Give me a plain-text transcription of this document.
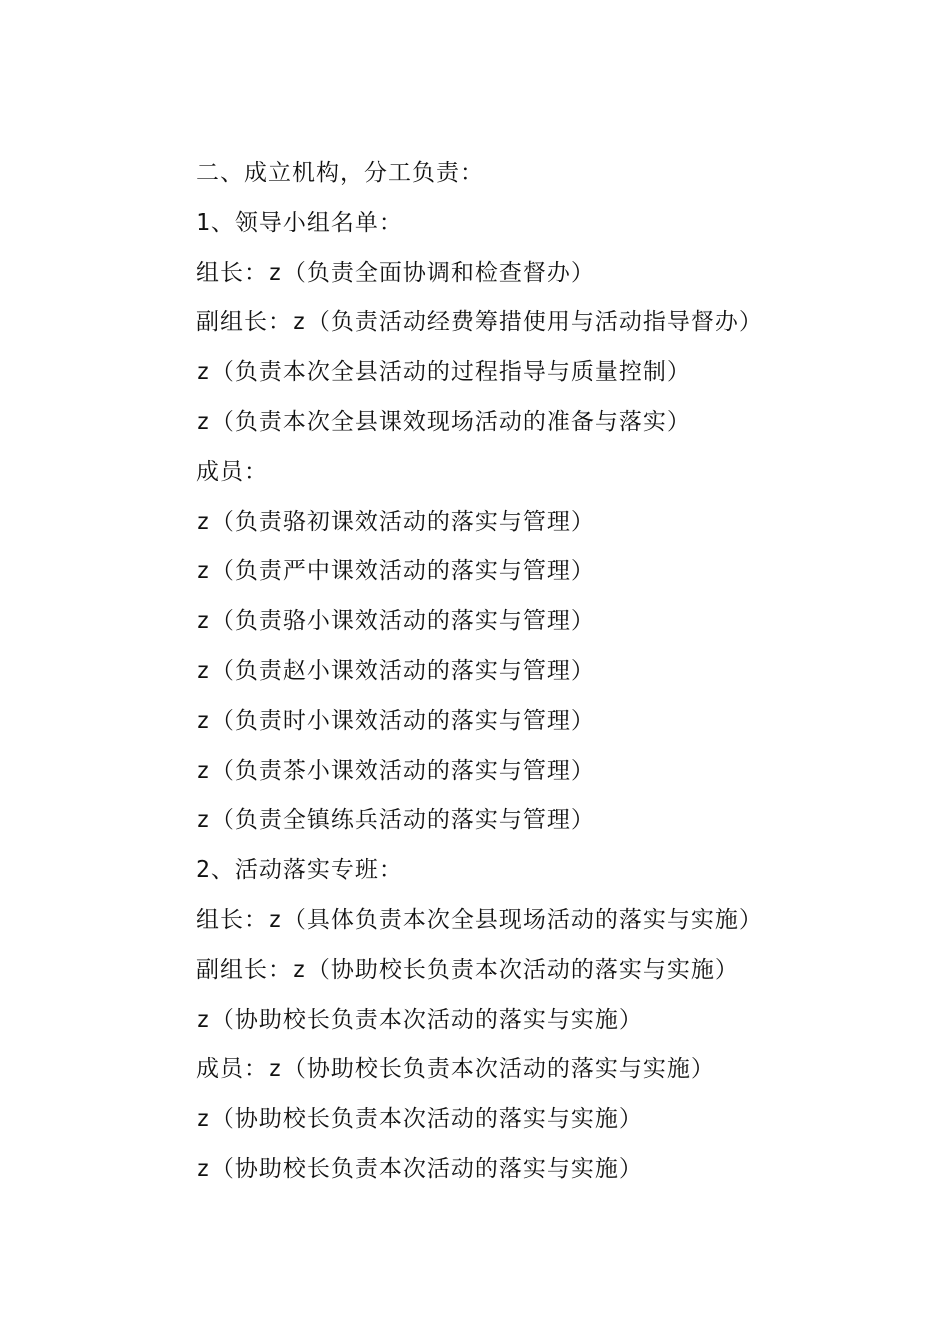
二、成立机构，分工负责：
1、领导小组名单：
组长：z（负责全面协调和检查督办）
副组长：z（负责活动经费筹措使用与活动指导督办）
z（负责本次全县活动的过程指导与质量控制）
z（负责本次全县课效现场活动的准备与落实）
成员：
z（负责骆初课效活动的落实与管理）
z（负责严中课效活动的落实与管理）
z（负责骆小课效活动的落实与管理）
z（负责赵小课效活动的落实与管理）
z（负责时小课效活动的落实与管理）
z（负责茶小课效活动的落实与管理）
z（负责全镇练兵活动的落实与管理）
2、活动落实专班：
组长：z（具体负责本次全县现场活动的落实与实施）
副组长：z（协助校长负责本次活动的落实与实施）
z（协助校长负责本次活动的落实与实施）
成员：z（协助校长负责本次活动的落实与实施）
z（协助校长负责本次活动的落实与实施）
z（协助校长负责本次活动的落实与实施）
